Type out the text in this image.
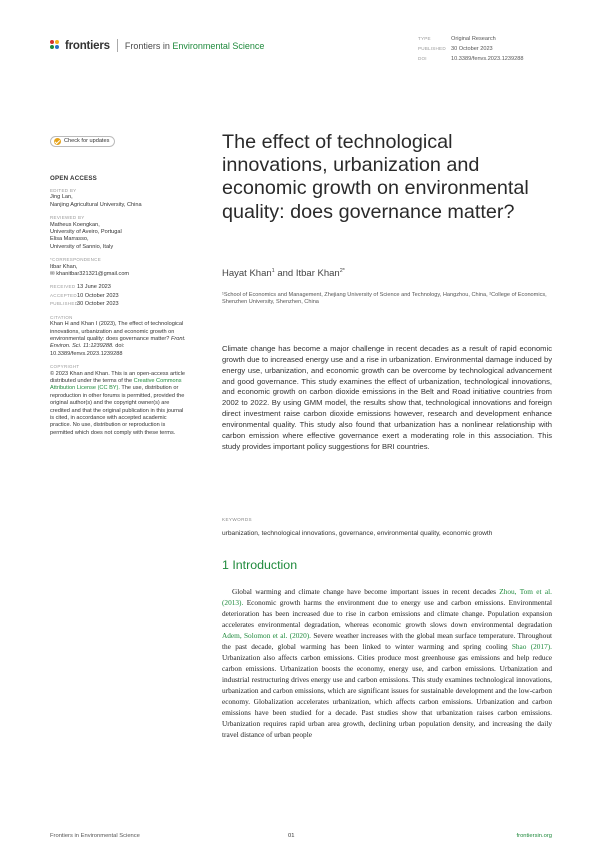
frontiers Frontiers in Environmental Science
TYPE	Original Research
PUBLISHED 30 October 2023
DOI	10.3389/fenvs.2023.1239288
Check for updates
OPEN ACCESS
EDITED BY
Jing Lan,
Nanjing Agricultural University, China
REVIEWED BY
Matheus Koengkan,
University of Aveiro, Portugal
Elisa Marrasso,
University of Sannio, Italy
*CORRESPONDENCE
Itbar Khan,
✉ khanitbar321321@gmail.com
RECEIVED 13 June 2023
ACCEPTED10 October 2023
PUBLISHED30 October 2023
CITATION
Khan H and Khan I (2023), The effect of technological innovations, urbanization and economic growth on environmental quality: does governance matter? Front. Environ. Sci. 11:1239288. doi: 10.3389/fenvs.2023.1239288
COPYRIGHT
© 2023 Khan and Khan. This is an open-access article distributed under the terms of the Creative Commons Attribution License (CC BY). The use, distribution or reproduction in other forums is permitted, provided the original author(s) and the copyright owner(s) are credited and that the original publication in this journal is cited, in accordance with accepted academic practice. No use, distribution or reproduction is permitted which does not comply with these terms.
The effect of technological innovations, urbanization and economic growth on environmental quality: does governance matter?
Hayat Khan$^1$ and Itbar Khan$^{2*}$
¹School of Economics and Management, Zhejiang University of Science and Technology, Hangzhou, China, ²College of Economics, Shenzhen University, Shenzhen, China
Climate change has become a major challenge in recent decades as a result of rapid economic growth due to increased energy use and a rise in urbanization. Environmental damage induced by energy use, urbanization, and economic growth can be overcome by technological advancement and good governance. This study examines the effect of urbanization, technological innovations, and economic growth on carbon dioxide emissions in the Belt and Road initiative countries from 2002 to 2022. By using GMM model, the results show that, technological innovations and foreign direct investment raise carbon dioxide emissions however, research and development enhance environmental quality. This study also found that urbanization has a nonlinear relationship with carbon emission where effective governance exert a moderating role in this association. This study provides important policy suggestions for BRI countries.
KEYWORDS
urbanization, technological innovations, governance, environmental quality, economic growth
1 Introduction

Global warming and climate change have become important issues in recent decades Zhou, Tom et al. (2013). Economic growth harms the environment due to energy use and carbon emissions. Environmental deterioration has been increased due to rise in carbon emissions and climate change. Population expansion accelerates environmental degradation, whereas economic growth slows down environmental degradation Adem, Solomon et al. (2020). Severe weather increases with the global mean surface temperature. Throughout the past decade, global warming has been linked to winter warming and spring cooling Shao (2017). Urbanization also affects carbon emissions. Cities produce most greenhouse gas emissions and help reduce carbon emissions. Urbanization boosts the economy, energy use, and carbon emissions. Urbanization and industrial restructuring drives energy use and carbon emissions. This study examines technological innovations, urbanization and carbon emissions, which are significant issues for sustainable development and the low-carbon economy. Globalization accelerates urbanization, which affects carbon emissions. Urbanization and carbon emissions have been studied for a decade. Past studies show that urbanization raises carbon emissions. Urbanization requires rapid urban area growth, declining urban population density, and increasing the daily travel distance of urban people

Frontiers in Environmental Science	01	frontiersin.org
